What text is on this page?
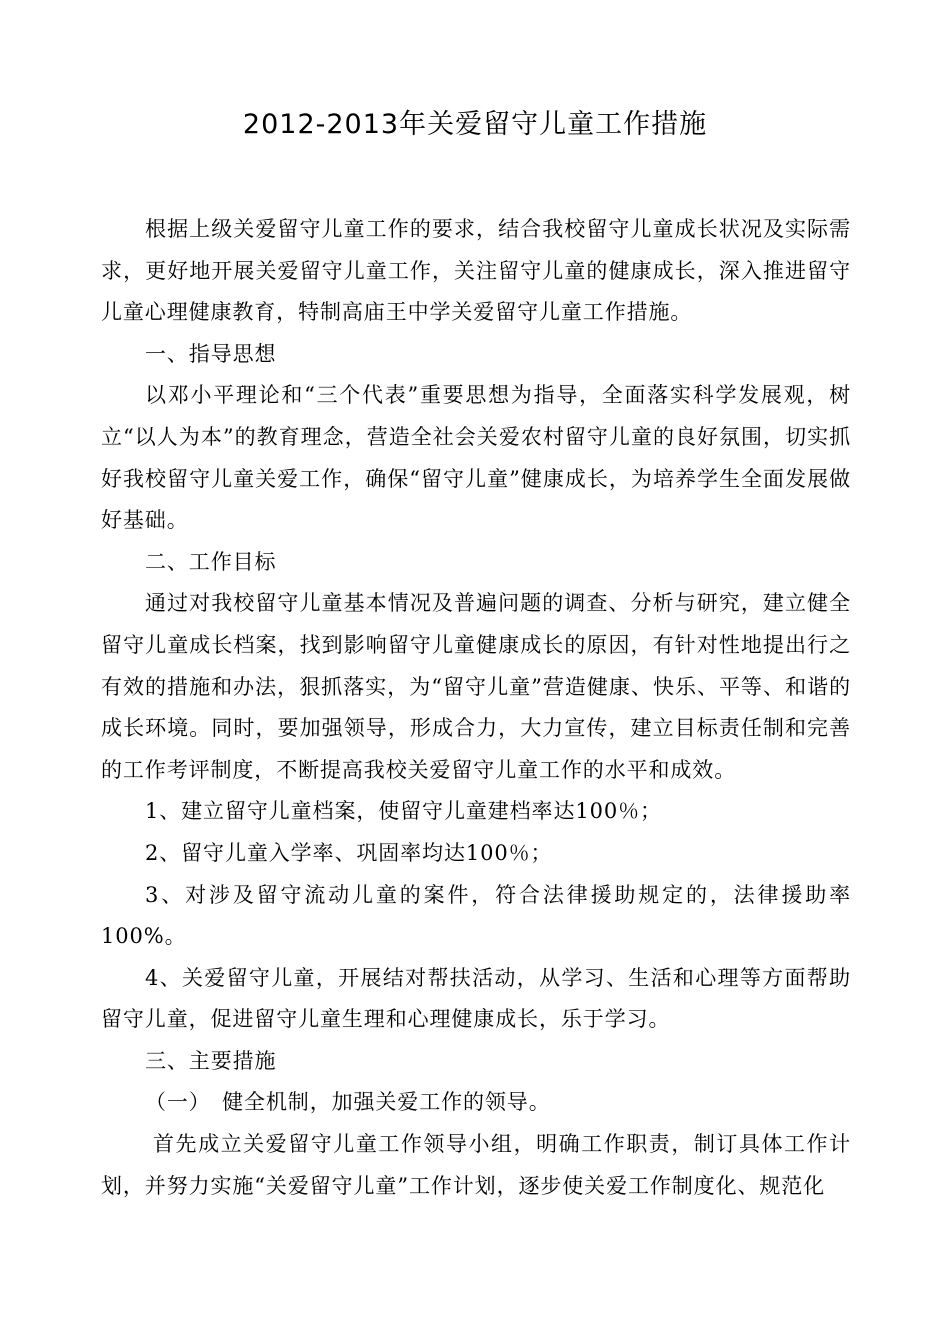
2012-2013年关爱留守儿童工作措施

根据上级关爱留守儿童工作的要求，结合我校留守儿童成长状况及实际需求，更好地开展关爱留守儿童工作，关注留守儿童的健康成长，深入推进留守儿童心理健康教育，特制高庙王中学关爱留守儿童工作措施。

一、指导思想

以邓小平理论和“三个代表”重要思想为指导，全面落实科学发展观，树立“以人为本”的教育理念，营造全社会关爱农村留守儿童的良好氛围，切实抓好我校留守儿童关爱工作，确保“留守儿童”健康成长，为培养学生全面发展做好基础。

二、工作目标

通过对我校留守儿童基本情况及普遍问题的调查、分析与研究，建立健全留守儿童成长档案，找到影响留守儿童健康成长的原因，有针对性地提出行之有效的措施和办法，狠抓落实，为“留守儿童”营造健康、快乐、平等、和谐的成长环境。同时，要加强领导，形成合力，大力宣传，建立目标责任制和完善的工作考评制度，不断提高我校关爱留守儿童工作的水平和成效。

1、建立留守儿童档案，使留守儿童建档率达100％；

2、留守儿童入学率、巩固率均达100％；

3、对涉及留守流动儿童的案件，符合法律援助规定的，法律援助率100%。

4、关爱留守儿童，开展结对帮扶活动，从学习、生活和心理等方面帮助留守儿童，促进留守儿童生理和心理健康成长，乐于学习。

三、主要措施

（一）　健全机制，加强关爱工作的领导。

首先成立关爱留守儿童工作领导小组，明确工作职责，制订具体工作计划，并努力实施“关爱留守儿童”工作计划，逐步使关爱工作制度化、规范化
